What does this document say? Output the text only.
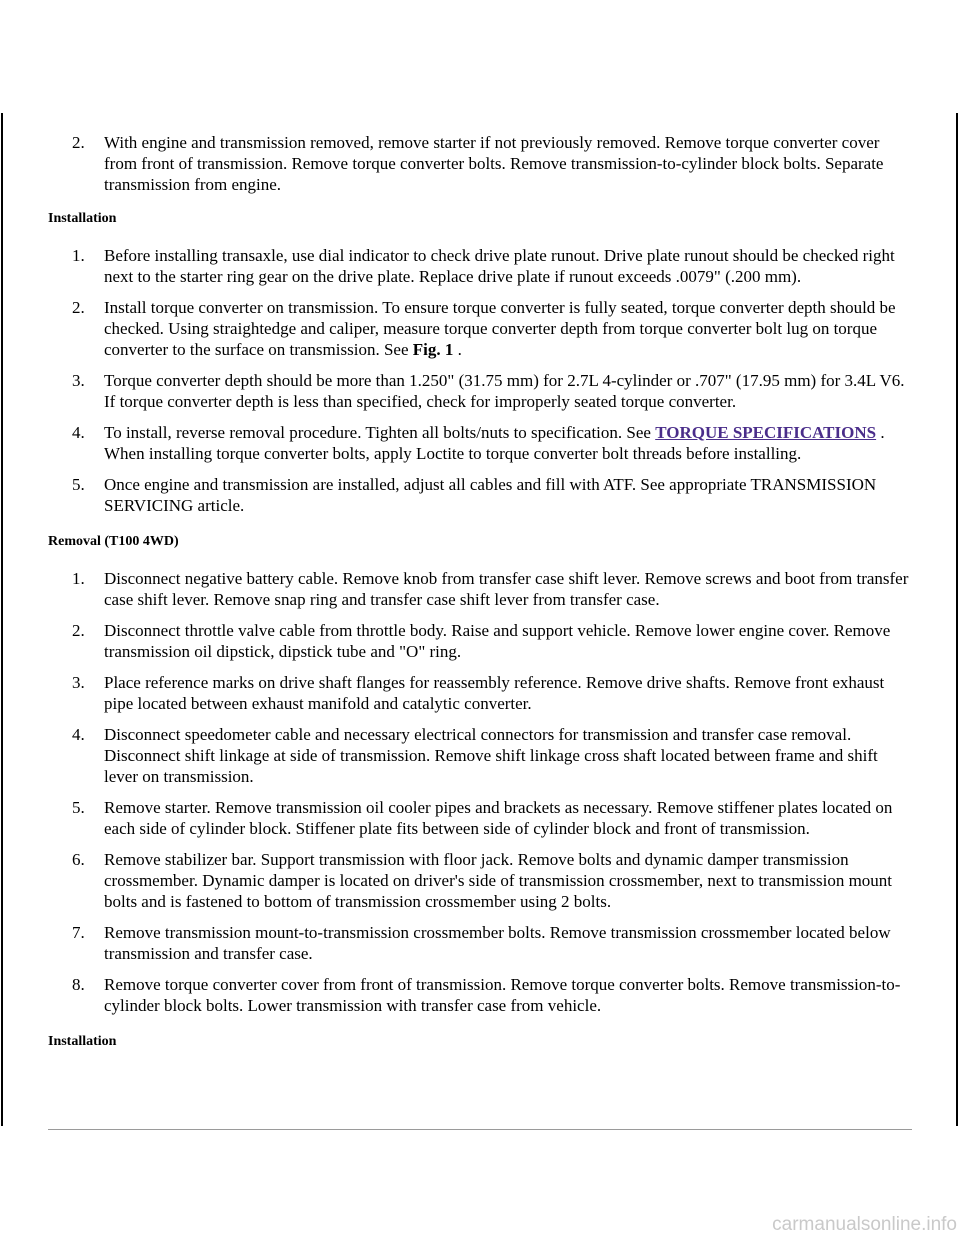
2. With engine and transmission removed, remove starter if not previously removed. Remove torque converter cover from front of transmission. Remove torque converter bolts. Remove transmission-to-cylinder block bolts. Separate transmission from engine.
Installation
1. Before installing transaxle, use dial indicator to check drive plate runout. Drive plate runout should be checked right next to the starter ring gear on the drive plate. Replace drive plate if runout exceeds .0079" (.200 mm).
2. Install torque converter on transmission. To ensure torque converter is fully seated, torque converter depth should be checked. Using straightedge and caliper, measure torque converter depth from torque converter bolt lug on torque converter to the surface on transmission. See Fig. 1 .
3. Torque converter depth should be more than 1.250" (31.75 mm) for 2.7L 4-cylinder or .707" (17.95 mm) for 3.4L V6. If torque converter depth is less than specified, check for improperly seated torque converter.
4. To install, reverse removal procedure. Tighten all bolts/nuts to specification. See TORQUE SPECIFICATIONS . When installing torque converter bolts, apply Loctite to torque converter bolt threads before installing.
5. Once engine and transmission are installed, adjust all cables and fill with ATF. See appropriate TRANSMISSION SERVICING article.
Removal (T100 4WD)
1. Disconnect negative battery cable. Remove knob from transfer case shift lever. Remove screws and boot from transfer case shift lever. Remove snap ring and transfer case shift lever from transfer case.
2. Disconnect throttle valve cable from throttle body. Raise and support vehicle. Remove lower engine cover. Remove transmission oil dipstick, dipstick tube and "O" ring.
3. Place reference marks on drive shaft flanges for reassembly reference. Remove drive shafts. Remove front exhaust pipe located between exhaust manifold and catalytic converter.
4. Disconnect speedometer cable and necessary electrical connectors for transmission and transfer case removal. Disconnect shift linkage at side of transmission. Remove shift linkage cross shaft located between frame and shift lever on transmission.
5. Remove starter. Remove transmission oil cooler pipes and brackets as necessary. Remove stiffener plates located on each side of cylinder block. Stiffener plate fits between side of cylinder block and front of transmission.
6. Remove stabilizer bar. Support transmission with floor jack. Remove bolts and dynamic damper transmission crossmember. Dynamic damper is located on driver's side of transmission crossmember, next to transmission mount bolts and is fastened to bottom of transmission crossmember using 2 bolts.
7. Remove transmission mount-to-transmission crossmember bolts. Remove transmission crossmember located below transmission and transfer case.
8. Remove torque converter cover from front of transmission. Remove torque converter bolts. Remove transmission-to-cylinder block bolts. Lower transmission with transfer case from vehicle.
Installation
carmanualsonline.info
